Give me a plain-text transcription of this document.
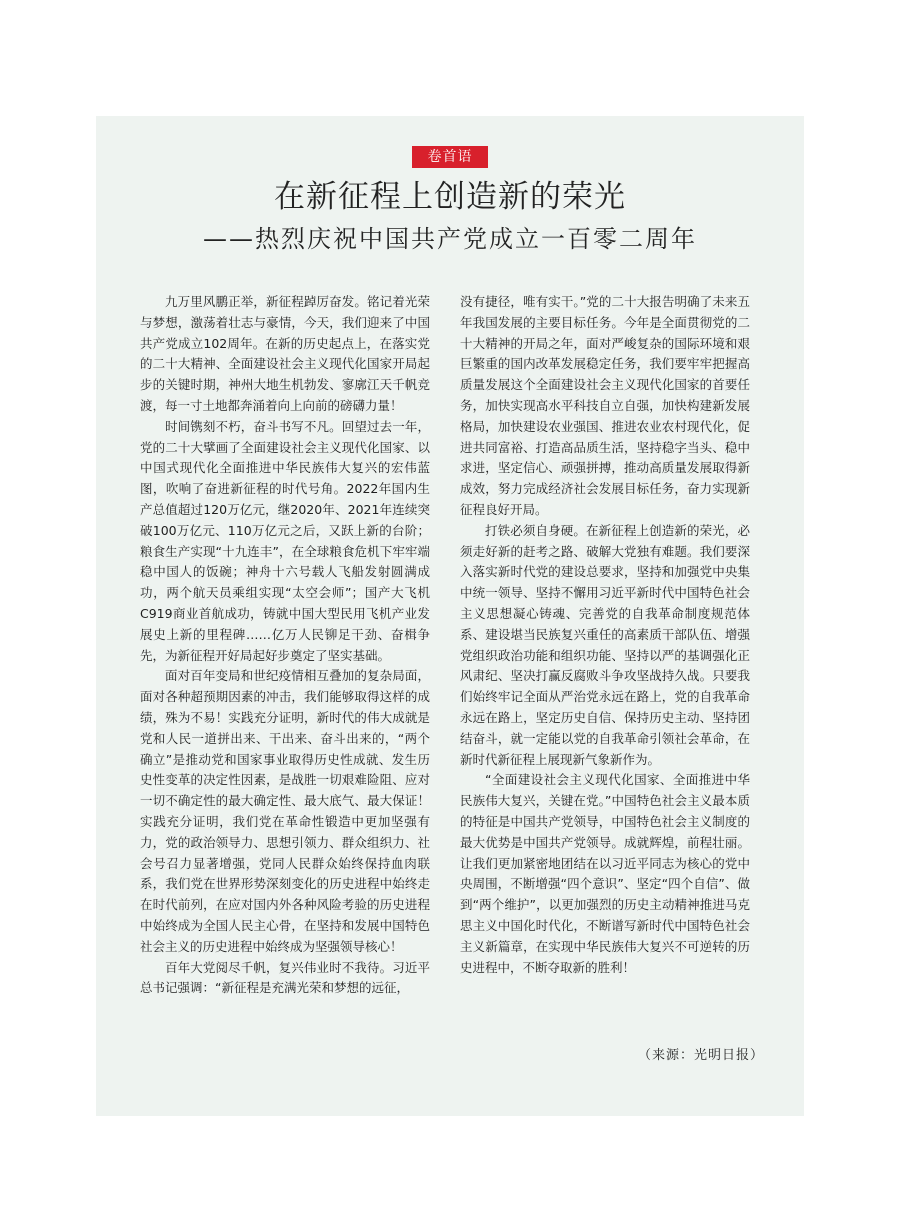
卷首语
在新征程上创造新的荣光
——热烈庆祝中国共产党成立一百零二周年

九万里风鹏正举，新征程踔厉奋发。铭记着光荣与梦想，激荡着壮志与豪情，今天，我们迎来了中国共产党成立102周年。在新的历史起点上，在落实党的二十大精神、全面建设社会主义现代化国家开局起步的关键时期，神州大地生机勃发、寥廓江天千帆竞渡，每一寸土地都奔涌着向上向前的磅礴力量！

时间镌刻不朽，奋斗书写不凡。回望过去一年，党的二十大擘画了全面建设社会主义现代化国家、以中国式现代化全面推进中华民族伟大复兴的宏伟蓝图，吹响了奋进新征程的时代号角。2022年国内生产总值超过120万亿元，继2020年、2021年连续突破100万亿元、110万亿元之后，又跃上新的台阶；粮食生产实现“十九连丰”，在全球粮食危机下牢牢端稳中国人的饭碗；神舟十六号载人飞船发射圆满成功，两个航天员乘组实现“太空会师”；国产大飞机C919商业首航成功，铸就中国大型民用飞机产业发展史上新的里程碑……亿万人民铆足干劲、奋楫争先，为新征程开好局起好步奠定了坚实基础。

面对百年变局和世纪疫情相互叠加的复杂局面，面对各种超预期因素的冲击，我们能够取得这样的成绩，殊为不易！实践充分证明，新时代的伟大成就是党和人民一道拼出来、干出来、奋斗出来的，“两个确立”是推动党和国家事业取得历史性成就、发生历史性变革的决定性因素，是战胜一切艰难险阻、应对一切不确定性的最大确定性、最大底气、最大保证！实践充分证明，我们党在革命性锻造中更加坚强有力，党的政治领导力、思想引领力、群众组织力、社会号召力显著增强，党同人民群众始终保持血肉联系，我们党在世界形势深刻变化的历史进程中始终走在时代前列，在应对国内外各种风险考验的历史进程中始终成为全国人民主心骨，在坚持和发展中国特色社会主义的历史进程中始终成为坚强领导核心！

百年大党阅尽千帆，复兴伟业时不我待。习近平总书记强调：“新征程是充满光荣和梦想的远征，

没有捷径，唯有实干。”党的二十大报告明确了未来五年我国发展的主要目标任务。今年是全面贯彻党的二十大精神的开局之年，面对严峻复杂的国际环境和艰巨繁重的国内改革发展稳定任务，我们要牢牢把握高质量发展这个全面建设社会主义现代化国家的首要任务，加快实现高水平科技自立自强，加快构建新发展格局，加快建设农业强国、推进农业农村现代化，促进共同富裕、打造高品质生活，坚持稳字当头、稳中求进，坚定信心、顽强拼搏，推动高质量发展取得新成效，努力完成经济社会发展目标任务，奋力实现新征程良好开局。

打铁必须自身硬。在新征程上创造新的荣光，必须走好新的赶考之路、破解大党独有难题。我们要深入落实新时代党的建设总要求，坚持和加强党中央集中统一领导、坚持不懈用习近平新时代中国特色社会主义思想凝心铸魂、完善党的自我革命制度规范体系、建设堪当民族复兴重任的高素质干部队伍、增强党组织政治功能和组织功能、坚持以严的基调强化正风肃纪、坚决打赢反腐败斗争攻坚战持久战。只要我们始终牢记全面从严治党永远在路上，党的自我革命永远在路上，坚定历史自信、保持历史主动、坚持团结奋斗，就一定能以党的自我革命引领社会革命，在新时代新征程上展现新气象新作为。

“全面建设社会主义现代化国家、全面推进中华民族伟大复兴，关键在党。”中国特色社会主义最本质的特征是中国共产党领导，中国特色社会主义制度的最大优势是中国共产党领导。成就辉煌，前程壮丽。让我们更加紧密地团结在以习近平同志为核心的党中央周围，不断增强“四个意识”、坚定“四个自信”、做到“两个维护”，以更加强烈的历史主动精神推进马克思主义中国化时代化，不断谱写新时代中国特色社会主义新篇章，在实现中华民族伟大复兴不可逆转的历史进程中，不断夺取新的胜利！

（来源：光明日报）
